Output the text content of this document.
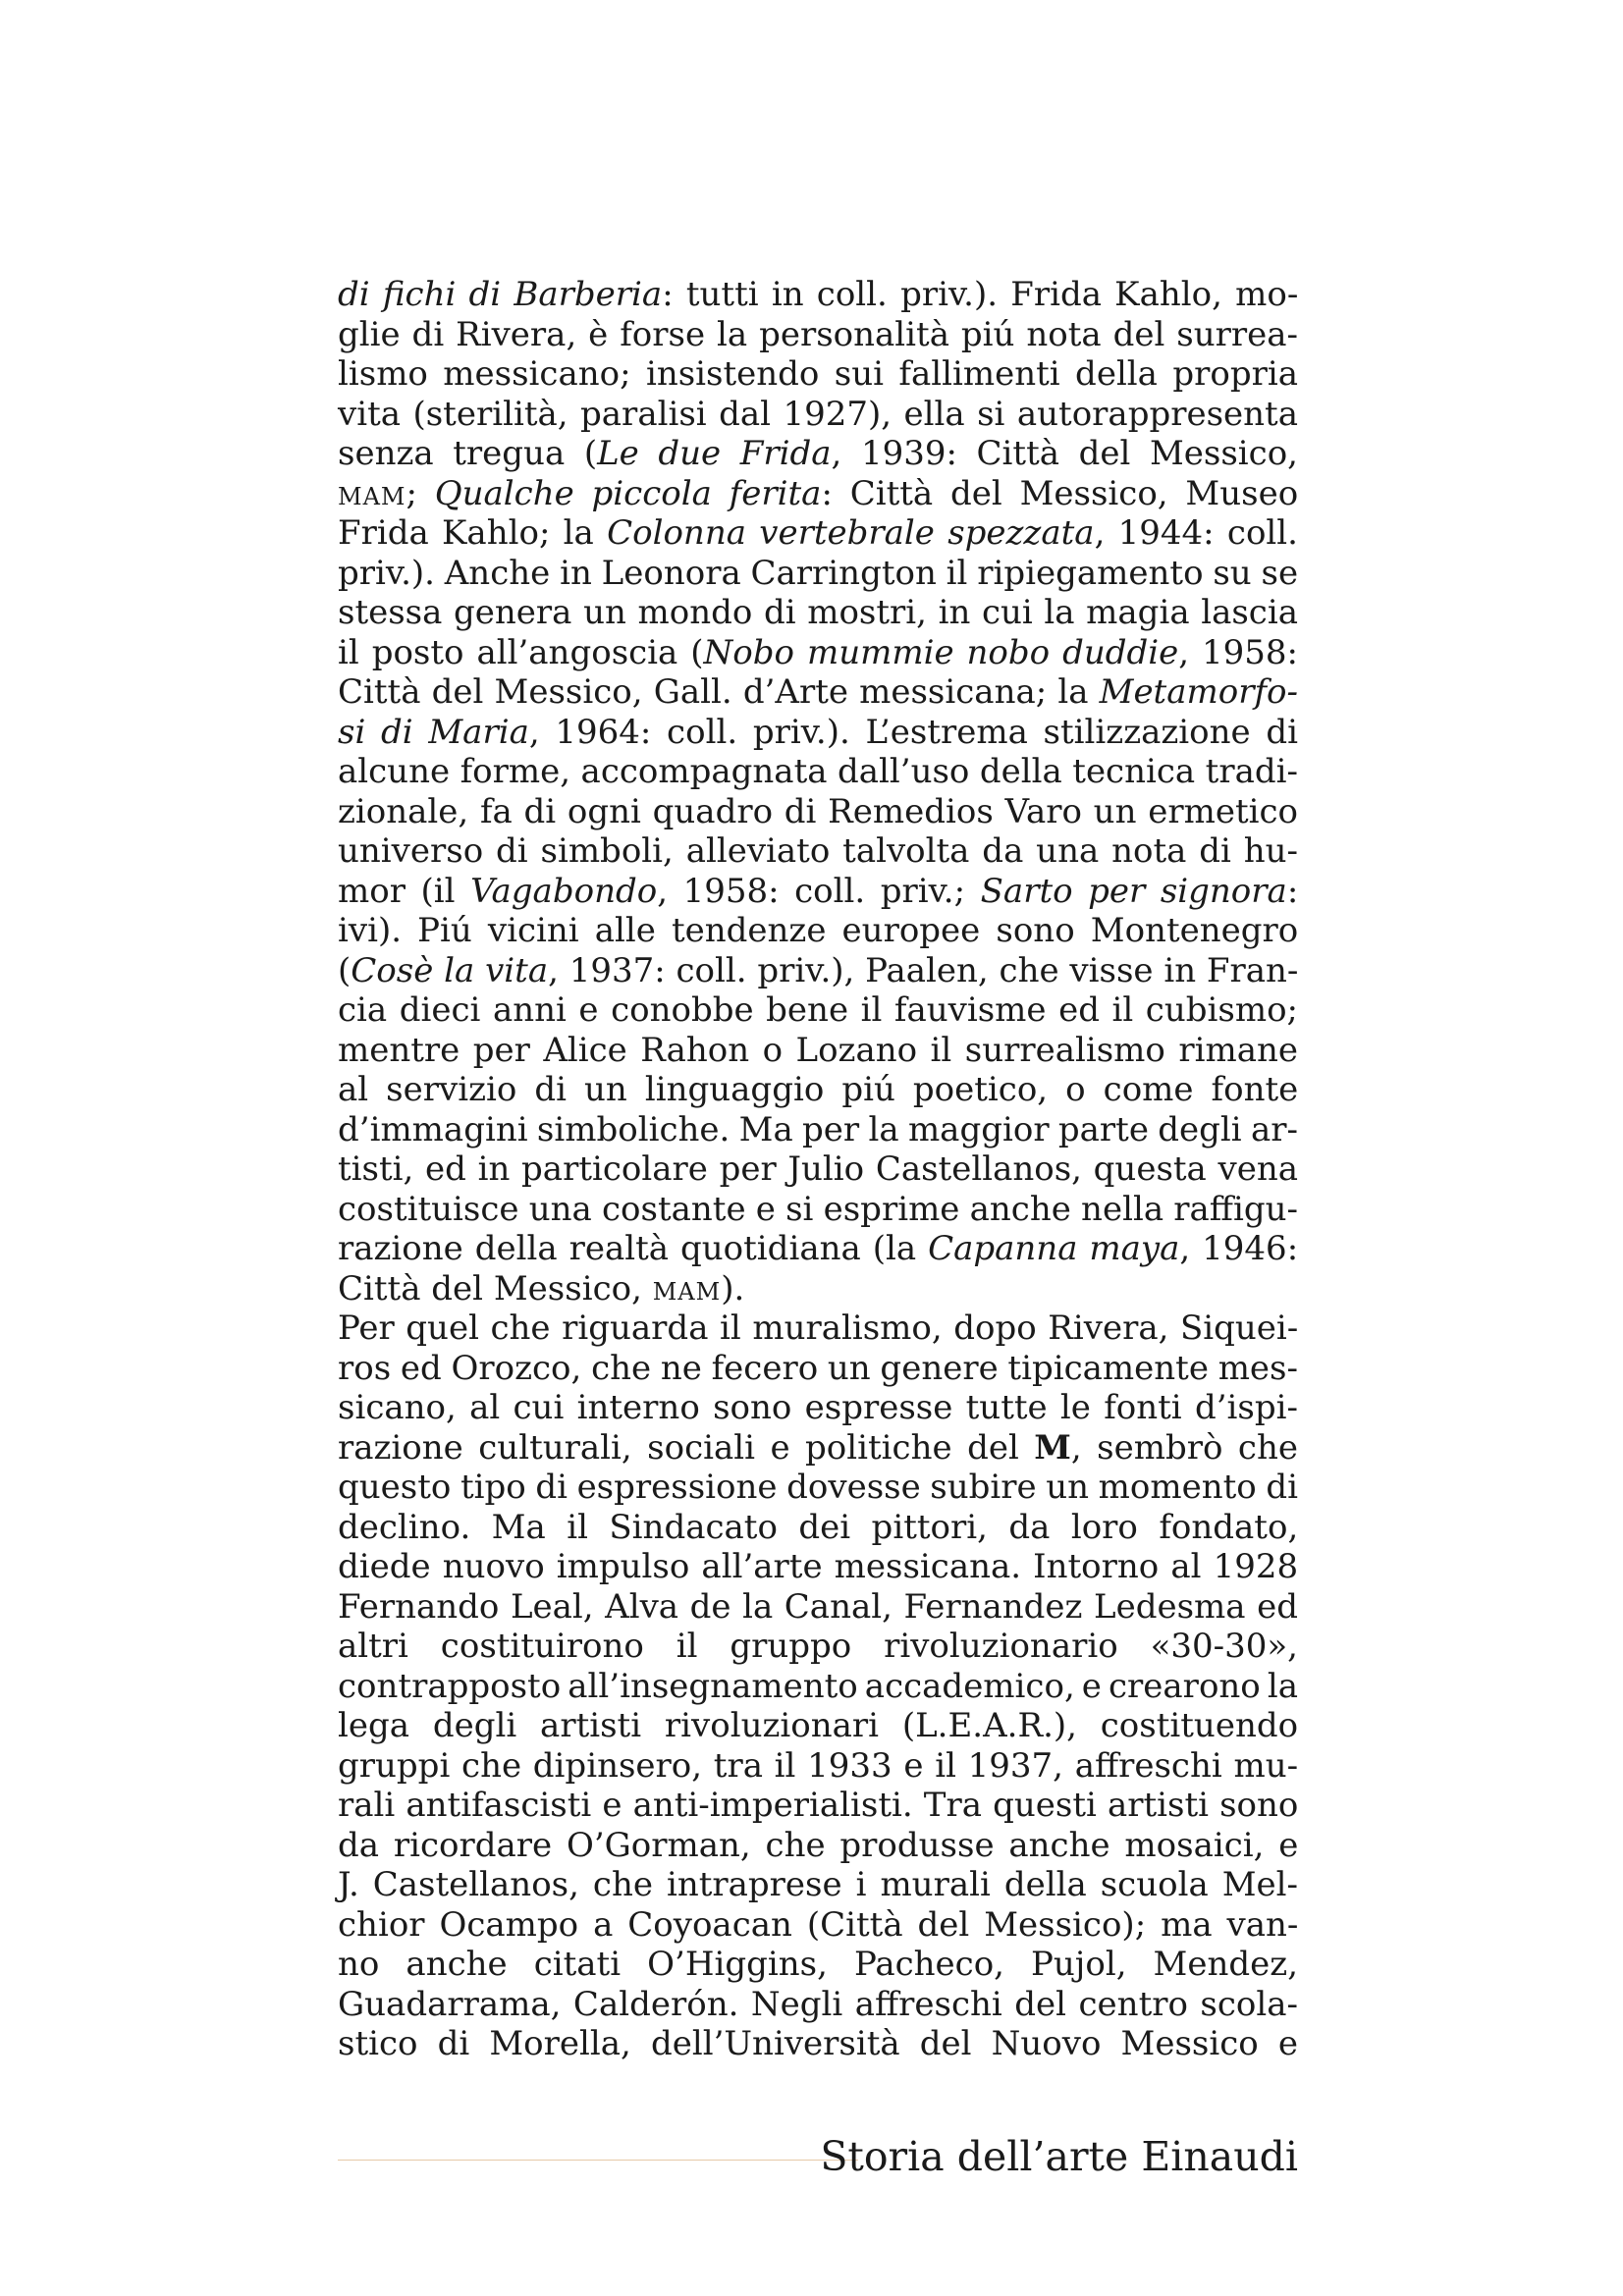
di fichi di Barberia: tutti in coll. priv.). Frida Kahlo, mo-
glie di Rivera, è forse la personalità piú nota del surrea-
lismo messicano; insistendo sui fallimenti della propria
vita (sterilità, paralisi dal 1927), ella si autorappresenta
senza tregua (Le due Frida, 1939: Città del Messico,
mam; Qualche piccola ferita: Città del Messico, Museo
Frida Kahlo; la Colonna vertebrale spezzata, 1944: coll.
priv.). Anche in Leonora Carrington il ripiegamento su se
stessa genera un mondo di mostri, in cui la magia lascia
il posto all’angoscia (Nobo mummie nobo duddie, 1958:
Città del Messico, Gall. d’Arte messicana; la Metamorfo-
si di Maria, 1964: coll. priv.). L’estrema stilizzazione di
alcune forme, accompagnata dall’uso della tecnica tradi-
zionale, fa di ogni quadro di Remedios Varo un ermetico
universo di simboli, alleviato talvolta da una nota di hu-
mor (il Vagabondo, 1958: coll. priv.; Sarto per signora:
ivi). Piú vicini alle tendenze europee sono Montenegro
(Cosè la vita, 1937: coll. priv.), Paalen, che visse in Fran-
cia dieci anni e conobbe bene il fauvisme ed il cubismo;
mentre per Alice Rahon o Lozano il surrealismo rimane
al servizio di un linguaggio piú poetico, o come fonte
d’immagini simboliche. Ma per la maggior parte degli ar-
tisti, ed in particolare per Julio Castellanos, questa vena
costituisce una costante e si esprime anche nella raffigu-
razione della realtà quotidiana (la Capanna maya, 1946:
Città del Messico, mam).
Per quel che riguarda il muralismo, dopo Rivera, Siquei-
ros ed Orozco, che ne fecero un genere tipicamente mes-
sicano, al cui interno sono espresse tutte le fonti d’ispi-
razione culturali, sociali e politiche del M, sembrò che
questo tipo di espressione dovesse subire un momento di
declino. Ma il Sindacato dei pittori, da loro fondato,
diede nuovo impulso all’arte messicana. Intorno al 1928
Fernando Leal, Alva de la Canal, Fernandez Ledesma ed
altri costituirono il gruppo rivoluzionario «30-30»,
contrapposto all’insegnamento accademico, e crearono la
lega degli artisti rivoluzionari (L.E.A.R.), costituendo
gruppi che dipinsero, tra il 1933 e il 1937, affreschi mu-
rali antifascisti e anti-imperialisti. Tra questi artisti sono
da ricordare O’Gorman, che produsse anche mosaici, e
J. Castellanos, che intraprese i murali della scuola Mel-
chior Ocampo a Coyoacan (Città del Messico); ma van-
no anche citati O’Higgins, Pacheco, Pujol, Mendez,
Guadarrama, Calderón. Negli affreschi del centro scola-
stico di Morella, dell’Università del Nuovo Messico e
Storia dell’arte Einaudi
